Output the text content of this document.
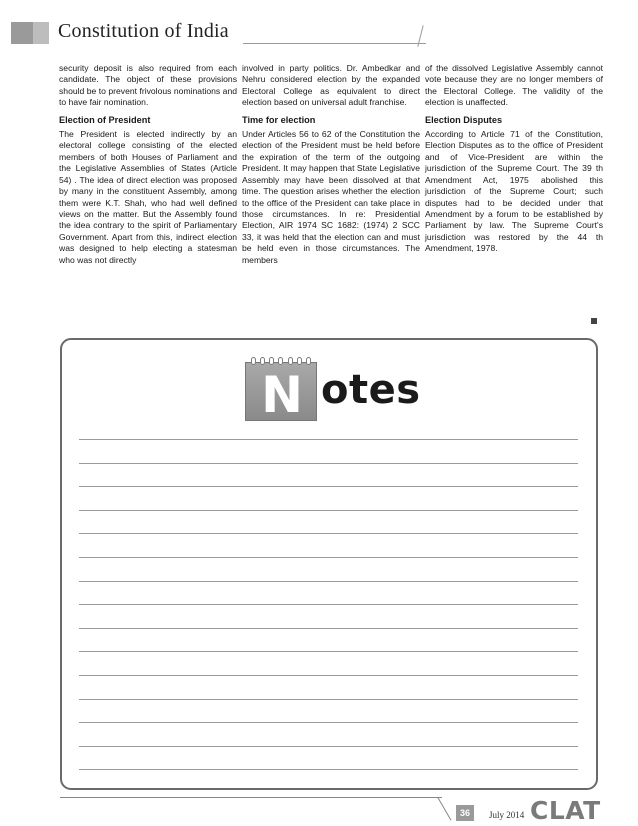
Constitution of India

security deposit is also required from each candidate. The object of these provisions should be to prevent frivolous nominations and to have fair nomination.

Election of President

The President is elected indirectly by an electoral college consisting of the elected members of both Houses of Parliament and the Legislative Assemblies of States (Article 54) . The idea of direct election was proposed by many in the constituent Assembly, among them were K.T. Shah, who had well defined views on the matter. But the Assembly found the idea contrary to the spirit of Parliamentary Government. Apart from this, indirect election was designed to help electing a statesman who was not directly

involved in party politics. Dr. Ambedkar and Nehru considered election by the expanded Electoral College as equivalent to direct election based on universal adult franchise.

Time for election

Under Articles 56 to 62 of the Constitution the election of the President must be held before the expiration of the term of the outgoing President. It may happen that State Legislative Assembly may have been dissolved at that time. The question arises whether the election to the office of the President can take place in those circumstances. In re: Presidential Election, AIR 1974 SC 1682: (1974) 2 SCC 33, it was held that the election can and must be held even in those circumstances. The members

of the dissolved Legislative Assembly cannot vote because they are no longer members of the Electoral College. The validity of the election is unaffected.

Election Disputes

According to Article 71 of the Constitution, Election Disputes as to the office of President and of Vice-President are within the jurisdiction of the Supreme Court. The 39 th Amendment Act, 1975 abolished this jurisdiction of the Supreme Court; such disputes had to be decided under that Amendment by a forum to be established by Parliament by law. The Supreme Court's jurisdiction was restored by the 44 th Amendment, 1978.

N otes
36	July 2014 CLAT
